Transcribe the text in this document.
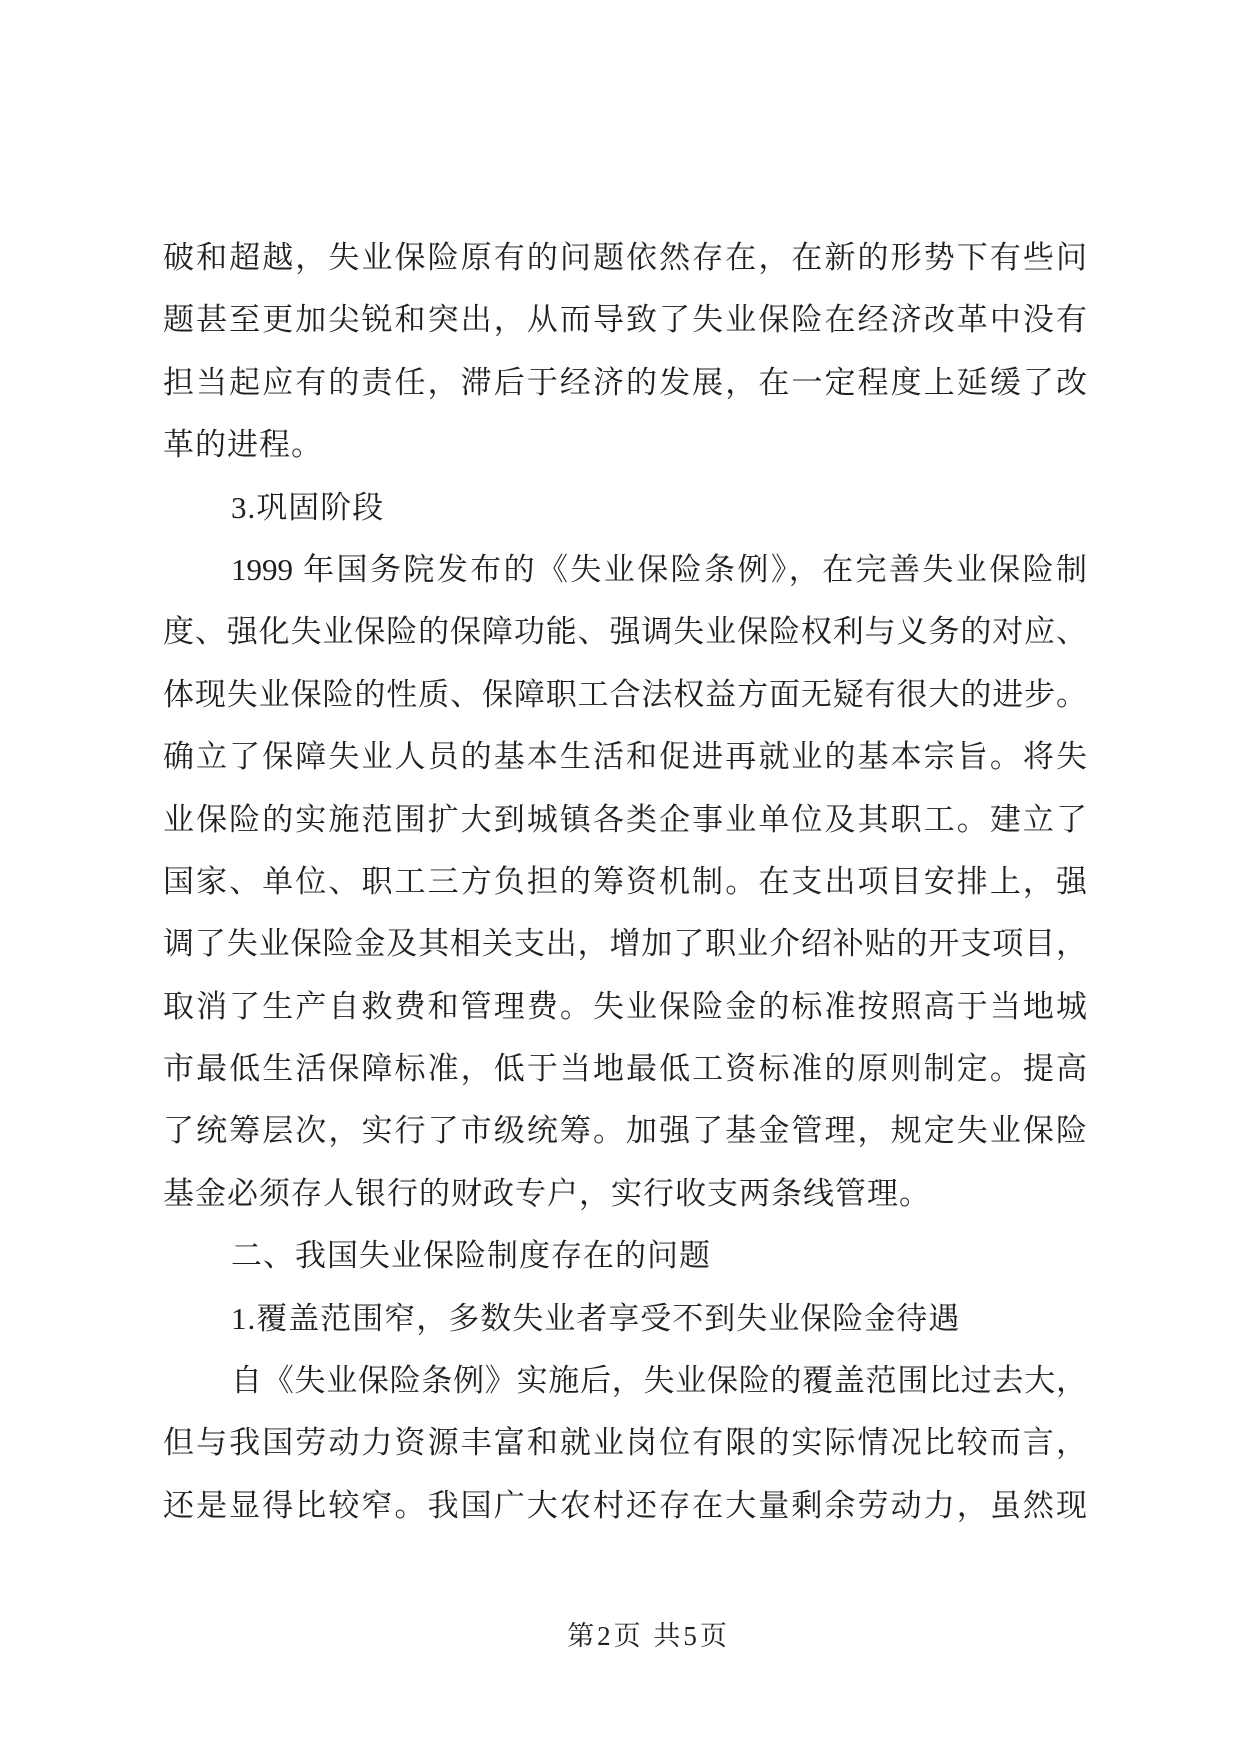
破和超越，失业保险原有的问题依然存在，在新的形势下有些问
题甚至更加尖锐和突出，从而导致了失业保险在经济改革中没有
担当起应有的责任，滞后于经济的发展，在一定程度上延缓了改
革的进程。
3.巩固阶段
1999 年国务院发布的《失业保险条例》，在完善失业保险制
度、强化失业保险的保障功能、强调失业保险权利与义务的对应、
体现失业保险的性质、保障职工合法权益方面无疑有很大的进步。
确立了保障失业人员的基本生活和促进再就业的基本宗旨。将失
业保险的实施范围扩大到城镇各类企事业单位及其职工。建立了
国家、单位、职工三方负担的筹资机制。在支出项目安排上，强
调了失业保险金及其相关支出，增加了职业介绍补贴的开支项目，
取消了生产自救费和管理费。失业保险金的标准按照高于当地城
市最低生活保障标准，低于当地最低工资标准的原则制定。提高
了统筹层次，实行了市级统筹。加强了基金管理，规定失业保险
基金必须存人银行的财政专户，实行收支两条线管理。
二、我国失业保险制度存在的问题
1.覆盖范围窄，多数失业者享受不到失业保险金待遇
自《失业保险条例》实施后，失业保险的覆盖范围比过去大，
但与我国劳动力资源丰富和就业岗位有限的实际情况比较而言，
还是显得比较窄。我国广大农村还存在大量剩余劳动力，虽然现
第2页 共5页
